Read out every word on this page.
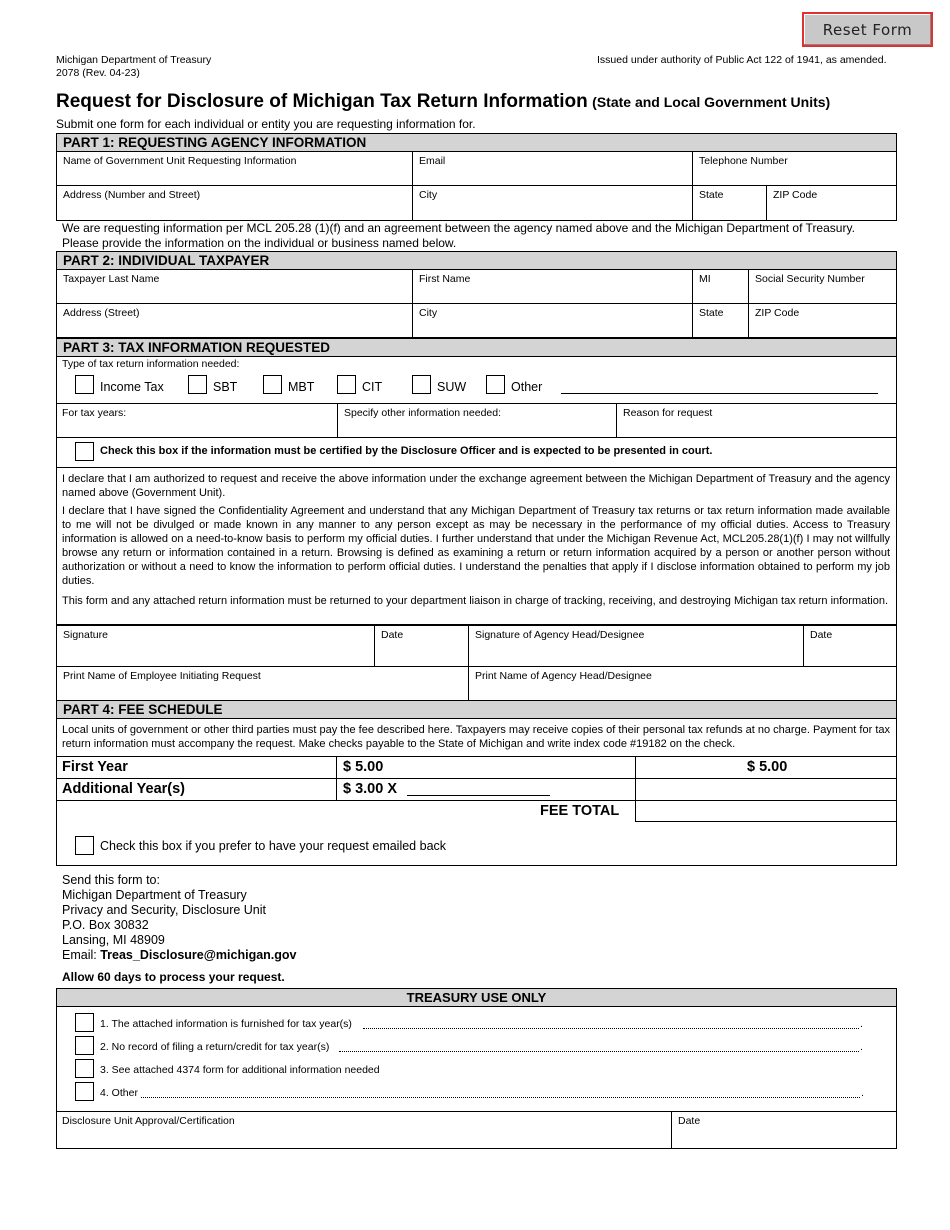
Reset Form
Michigan Department of Treasury
2078 (Rev. 04-23)
Issued under authority of Public Act 122 of 1941, as amended.
Request for Disclosure of Michigan Tax Return Information (State and Local Government Units)
Submit one form for each individual or entity you are requesting information for.
PART 1: REQUESTING AGENCY INFORMATION
Name of Government Unit Requesting Information	Email	Telephone Number
Address (Number and Street)	City	State	ZIP Code
We are requesting information per MCL 205.28 (1)(f) and an agreement between the agency named above and the Michigan Department of Treasury.
Please provide the information on the individual or business named below.
PART 2: INDIVIDUAL TAXPAYER
Taxpayer Last Name	First Name	MI	Social Security Number
Address (Street)	City	State	ZIP Code
PART 3: TAX INFORMATION REQUESTED
Type of tax return information needed:
Income Tax	SBT	MBT	CIT	SUW	Other
For tax years:	Specify other information needed:	Reason for request
Check this box if the information must be certified by the Disclosure Officer and is expected to be presented in court.
I declare that I am authorized to request and receive the above information under the exchange agreement between the Michigan Department of Treasury and the agency named above (Government Unit).
I declare that I have signed the Confidentiality Agreement and understand that any Michigan Department of Treasury tax returns or tax return information made available to me will not be divulged or made known in any manner to any person except as may be necessary in the performance of my official duties. Access to Treasury information is allowed on a need-to-know basis to perform my official duties. I further understand that under the Michigan Revenue Act, MCL205.28(1)(f) I may not willfully browse any return or information contained in a return. Browsing is defined as examining a return or return information acquired by a person or another person without authorization or without a need to know the information to perform official duties. I understand the penalties that apply if I disclose information obtained to perform my job duties.
This form and any attached return information must be returned to your department liaison in charge of tracking, receiving, and destroying Michigan tax return information.
Signature	Date	Signature of Agency Head/Designee	Date
Print Name of Employee Initiating Request	Print Name of Agency Head/Designee
PART 4: FEE SCHEDULE
Local units of government or other third parties must pay the fee described here. Taxpayers may receive copies of their personal tax refunds at no charge. Payment for tax return information must accompany the request. Make checks payable to the State of Michigan and write index code #19182 on the check.
First Year	$ 5.00	$ 5.00
Additional Year(s)	$ 3.00 X
FEE TOTAL
Check this box if you prefer to have your request emailed back
Send this form to:
Michigan Department of Treasury
Privacy and Security, Disclosure Unit
P.O. Box 30832
Lansing, MI 48909
Email: Treas_Disclosure@michigan.gov
Allow 60 days to process your request.
TREASURY USE ONLY
1. The attached information is furnished for tax year(s)	.
2. No record of filing a return/credit for tax year(s)	.
3. See attached 4374 form for additional information needed
4. Other	.
Disclosure Unit Approval/Certification	Date
